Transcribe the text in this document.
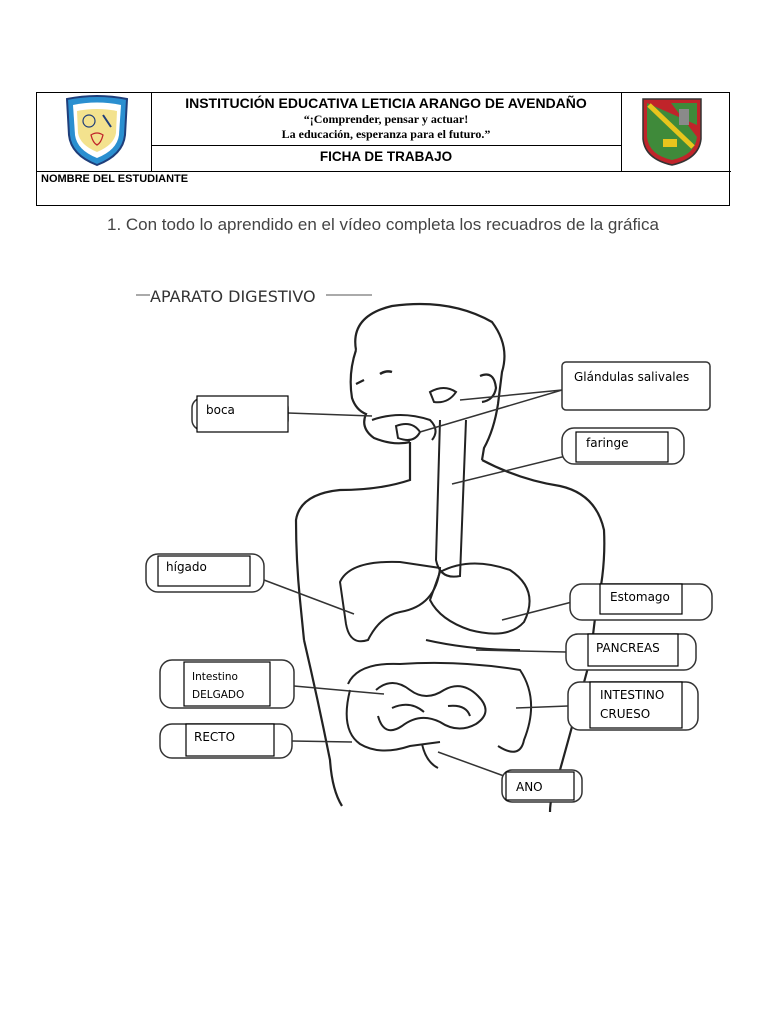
INSTITUCIÓN EDUCATIVA LETICIA ARANGO DE AVENDAÑO
“¡Comprender, pensar y actuar!
La educación, esperanza para el futuro.”
FICHA DE TRABAJO
NOMBRE DEL ESTUDIANTE
1. Con todo lo aprendido en el vídeo completa los recuadros de la gráfica
APARATO DIGESTIVO
Glándulas salivales
boca
faringe
hígado
Estomago
PANCREAS
Intestino
DELGADO	INTESTINO
CRUESO
RECTO
ANO
